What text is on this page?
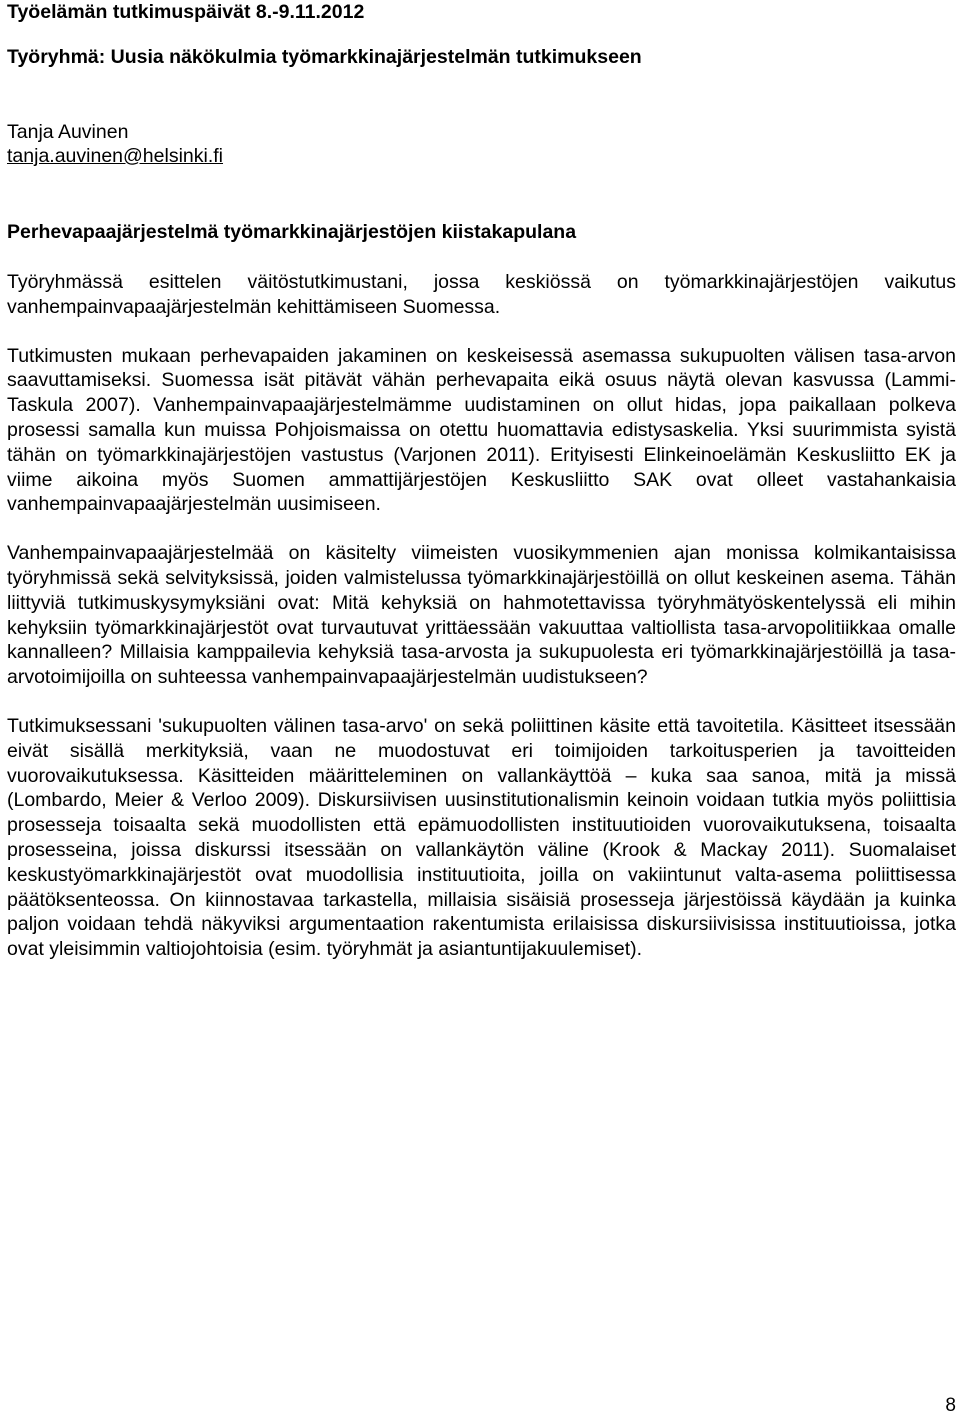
Työelämän tutkimuspäivät 8.-9.11.2012

Työryhmä: Uusia näkökulmia työmarkkinajärjestelmän tutkimukseen

Tanja Auvinen

tanja.auvinen@helsinki.fi

Perhevapaajärjestelmä työmarkkinajärjestöjen kiistakapulana

Työryhmässä esittelen väitöstutkimustani, jossa keskiössä on työmarkkinajärjestöjen vaikutus vanhempainvapaajärjestelmän kehittämiseen Suomessa.

Tutkimusten mukaan perhevapaiden jakaminen on keskeisessä asemassa sukupuolten välisen tasa-arvon saavuttamiseksi. Suomessa isät pitävät vähän perhevapaita eikä osuus näytä olevan kasvussa (Lammi-Taskula 2007). Vanhempainvapaajärjestelmämme uudistaminen on ollut hidas, jopa paikallaan polkeva prosessi samalla kun muissa Pohjoismaissa on otettu huomattavia edistysaskelia. Yksi suurimmista syistä tähän on työmarkkinajärjestöjen vastustus (Varjonen 2011). Erityisesti Elinkeinoelämän Keskusliitto EK ja viime aikoina myös Suomen ammattijärjestöjen Keskusliitto SAK ovat olleet vastahankaisia vanhempainvapaajärjestelmän uusimiseen.

Vanhempainvapaajärjestelmää on käsitelty viimeisten vuosikymmenien ajan monissa kolmikantaisissa työryhmissä sekä selvityksissä, joiden valmistelussa työmarkkinajärjestöillä on ollut keskeinen asema. Tähän liittyviä tutkimuskysymyksiäni ovat: Mitä kehyksiä on hahmotettavissa työryhmätyöskentelyssä eli mihin kehyksiin työmarkkinajärjestöt ovat turvautuvat yrittäessään vakuuttaa valtiollista tasa-arvopolitiikkaa omalle kannalleen? Millaisia kamppailevia kehyksiä tasa-arvosta ja sukupuolesta eri työmarkkinajärjestöillä ja tasa-arvotoimijoilla on suhteessa vanhempainvapaajärjestelmän uudistukseen?

Tutkimuksessani 'sukupuolten välinen tasa-arvo' on sekä poliittinen käsite että tavoitetila. Käsitteet itsessään eivät sisällä merkityksiä, vaan ne muodostuvat eri toimijoiden tarkoitusperien ja tavoitteiden vuorovaikutuksessa. Käsitteiden määritteleminen on vallankäyttöä – kuka saa sanoa, mitä ja missä (Lombardo, Meier & Verloo 2009). Diskursiivisen uusinstitutionalismin keinoin voidaan tutkia myös poliittisia prosesseja toisaalta sekä muodollisten että epämuodollisten instituutioiden vuorovaikutuksena, toisaalta prosesseina, joissa diskurssi itsessään on vallankäytön väline (Krook & Mackay 2011). Suomalaiset keskustyömarkkinajärjestöt ovat muodollisia instituutioita, joilla on vakiintunut valta-asema poliittisessa päätöksenteossa. On kiinnostavaa tarkastella, millaisia sisäisiä prosesseja järjestöissä käydään ja kuinka paljon voidaan tehdä näkyviksi argumentaation rakentumista erilaisissa diskursiivisissa instituutioissa, jotka ovat yleisimmin valtiojohtoisia (esim. työryhmät ja asiantuntijakuulemiset).

8
